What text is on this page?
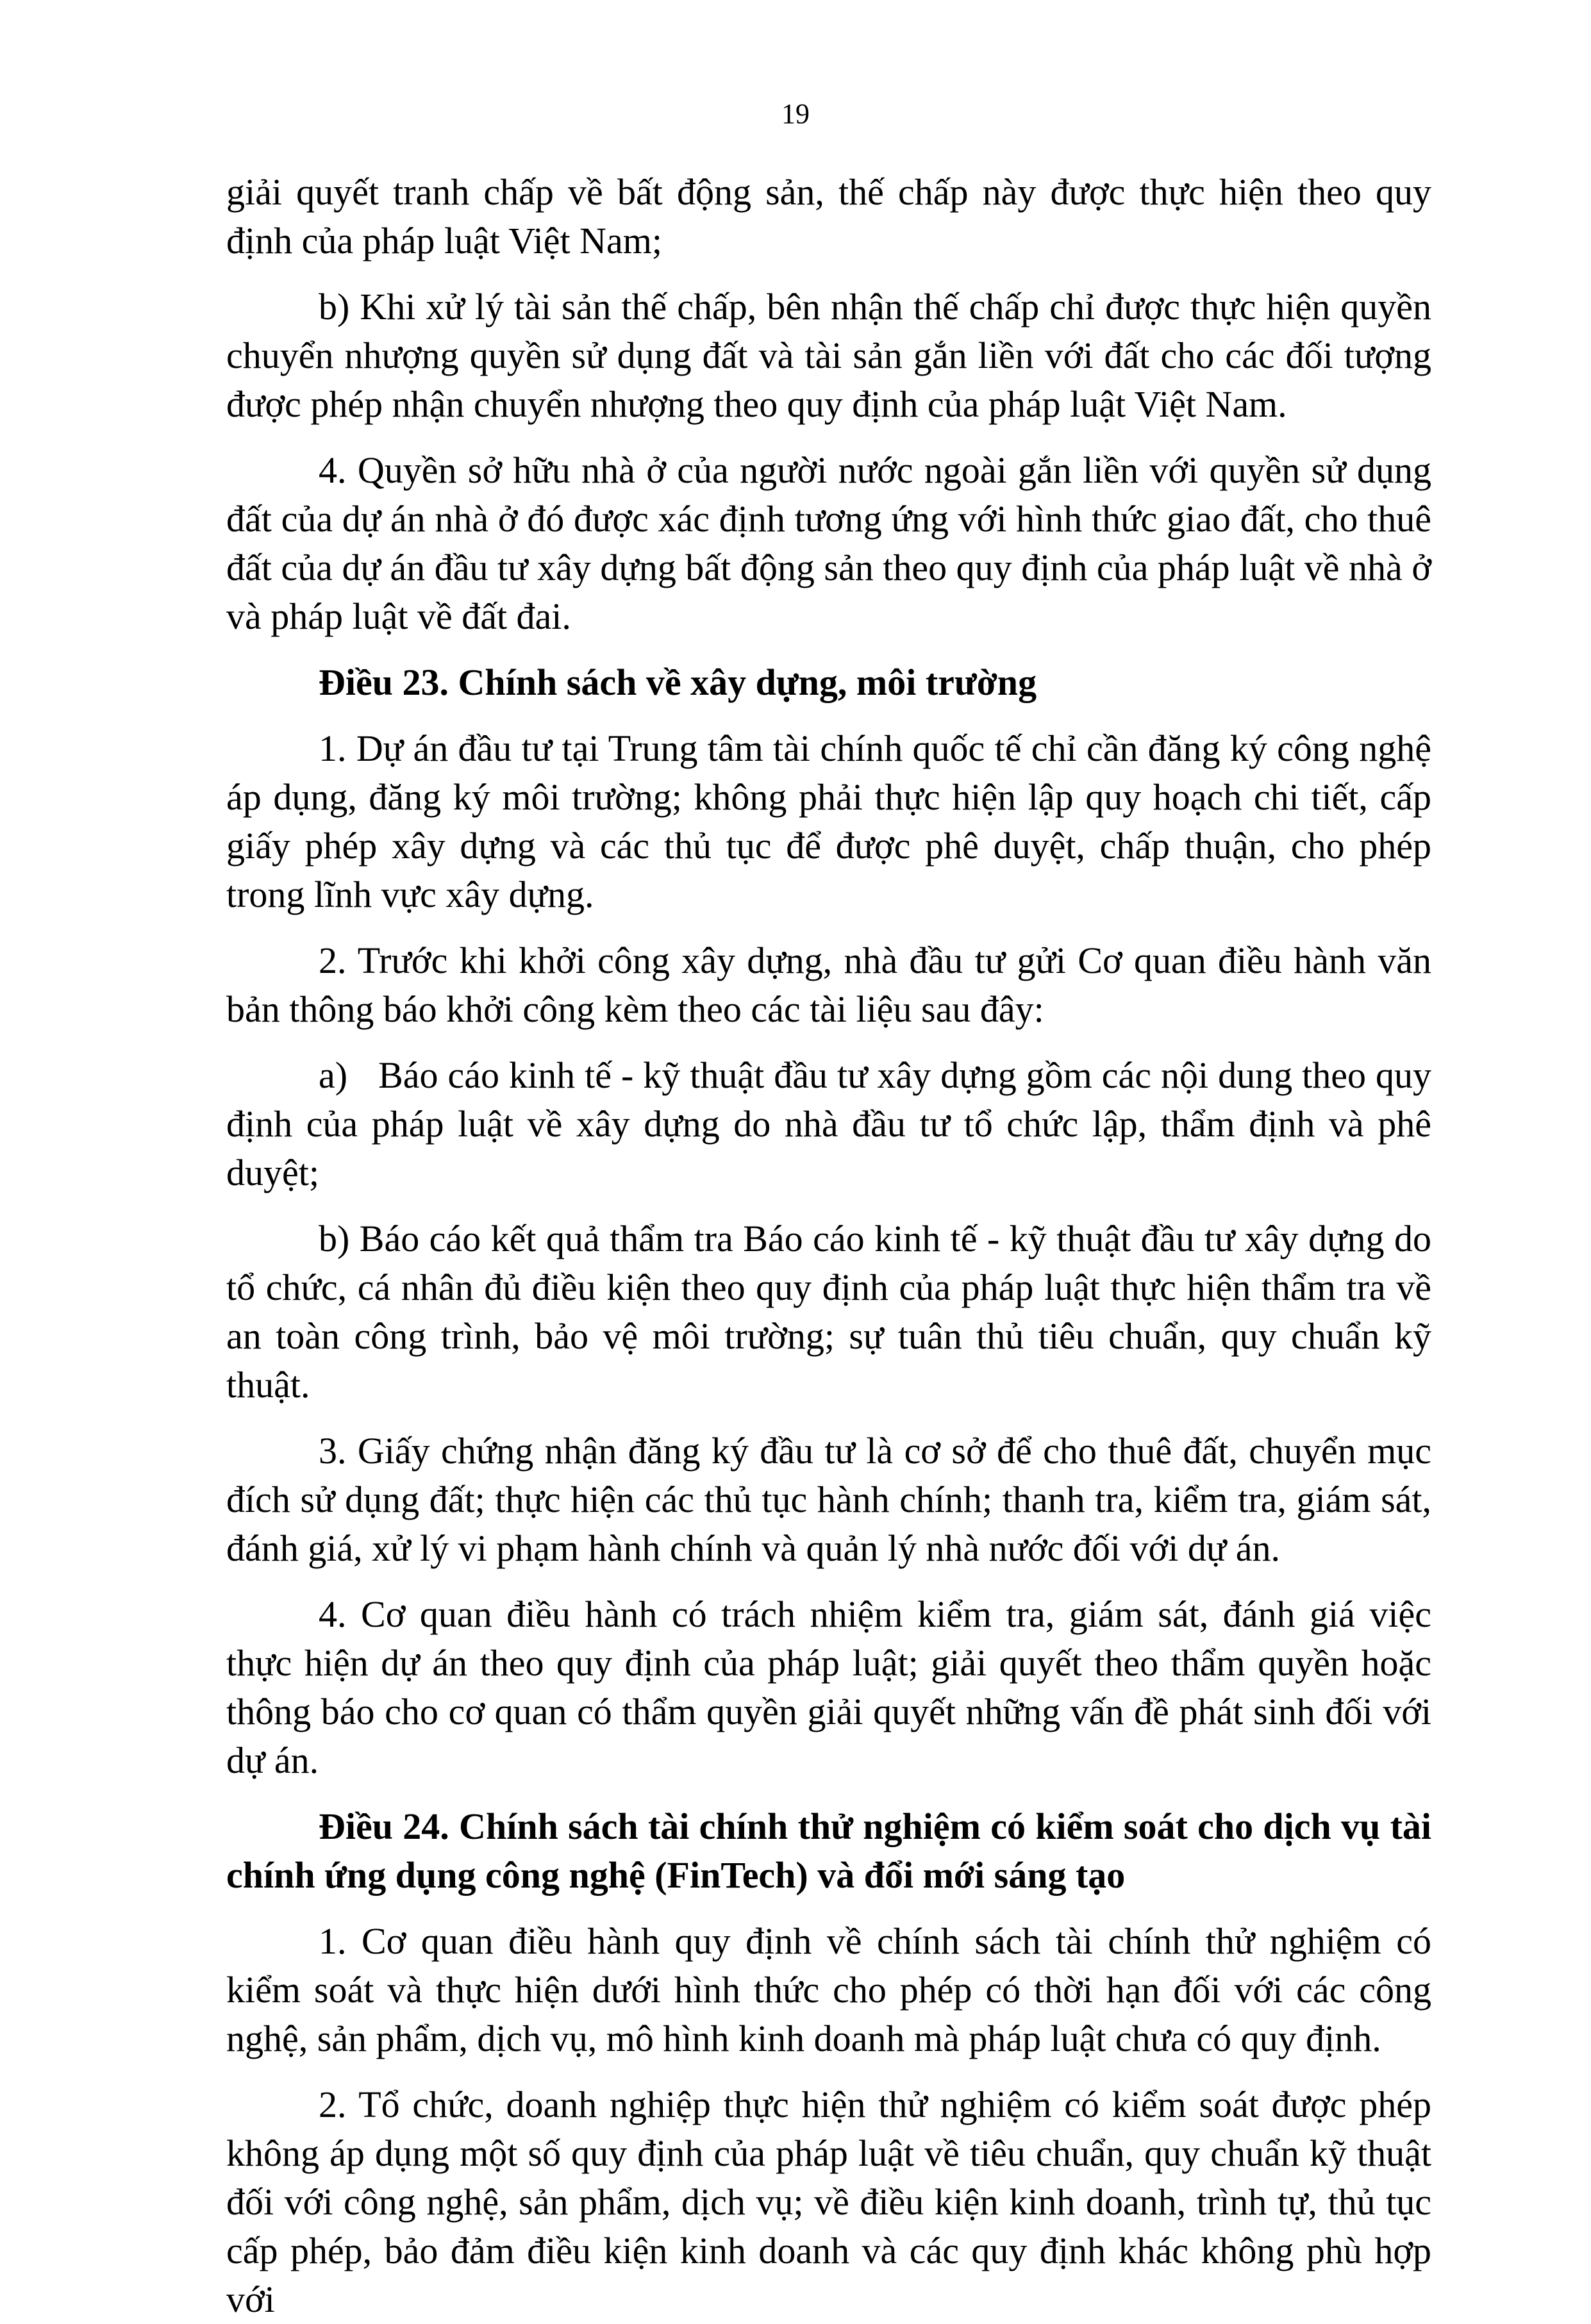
19

giải quyết tranh chấp về bất động sản, thế chấp này được thực hiện theo quy định của pháp luật Việt Nam;

b) Khi xử lý tài sản thế chấp, bên nhận thế chấp chỉ được thực hiện quyền chuyển nhượng quyền sử dụng đất và tài sản gắn liền với đất cho các đối tượng được phép nhận chuyển nhượng theo quy định của pháp luật Việt Nam.

4. Quyền sở hữu nhà ở của người nước ngoài gắn liền với quyền sử dụng đất của dự án nhà ở đó được xác định tương ứng với hình thức giao đất, cho thuê đất của dự án đầu tư xây dựng bất động sản theo quy định của pháp luật về nhà ở và pháp luật về đất đai.

Điều 23. Chính sách về xây dựng, môi trường

1. Dự án đầu tư tại Trung tâm tài chính quốc tế chỉ cần đăng ký công nghệ áp dụng, đăng ký môi trường; không phải thực hiện lập quy hoạch chi tiết, cấp giấy phép xây dựng và các thủ tục để được phê duyệt, chấp thuận, cho phép trong lĩnh vực xây dựng.

2. Trước khi khởi công xây dựng, nhà đầu tư gửi Cơ quan điều hành văn bản thông báo khởi công kèm theo các tài liệu sau đây:

a) Báo cáo kinh tế - kỹ thuật đầu tư xây dựng gồm các nội dung theo quy định của pháp luật về xây dựng do nhà đầu tư tổ chức lập, thẩm định và phê duyệt;

b) Báo cáo kết quả thẩm tra Báo cáo kinh tế - kỹ thuật đầu tư xây dựng do tổ chức, cá nhân đủ điều kiện theo quy định của pháp luật thực hiện thẩm tra về an toàn công trình, bảo vệ môi trường; sự tuân thủ tiêu chuẩn, quy chuẩn kỹ thuật.

3. Giấy chứng nhận đăng ký đầu tư là cơ sở để cho thuê đất, chuyển mục đích sử dụng đất; thực hiện các thủ tục hành chính; thanh tra, kiểm tra, giám sát, đánh giá, xử lý vi phạm hành chính và quản lý nhà nước đối với dự án.

4. Cơ quan điều hành có trách nhiệm kiểm tra, giám sát, đánh giá việc thực hiện dự án theo quy định của pháp luật; giải quyết theo thẩm quyền hoặc thông báo cho cơ quan có thẩm quyền giải quyết những vấn đề phát sinh đối với dự án.

Điều 24. Chính sách tài chính thử nghiệm có kiểm soát cho dịch vụ tài chính ứng dụng công nghệ (FinTech) và đổi mới sáng tạo

1. Cơ quan điều hành quy định về chính sách tài chính thử nghiệm có kiểm soát và thực hiện dưới hình thức cho phép có thời hạn đối với các công nghệ, sản phẩm, dịch vụ, mô hình kinh doanh mà pháp luật chưa có quy định.

2. Tổ chức, doanh nghiệp thực hiện thử nghiệm có kiểm soát được phép không áp dụng một số quy định của pháp luật về tiêu chuẩn, quy chuẩn kỹ thuật đối với công nghệ, sản phẩm, dịch vụ; về điều kiện kinh doanh, trình tự, thủ tục cấp phép, bảo đảm điều kiện kinh doanh và các quy định khác không phù hợp với
